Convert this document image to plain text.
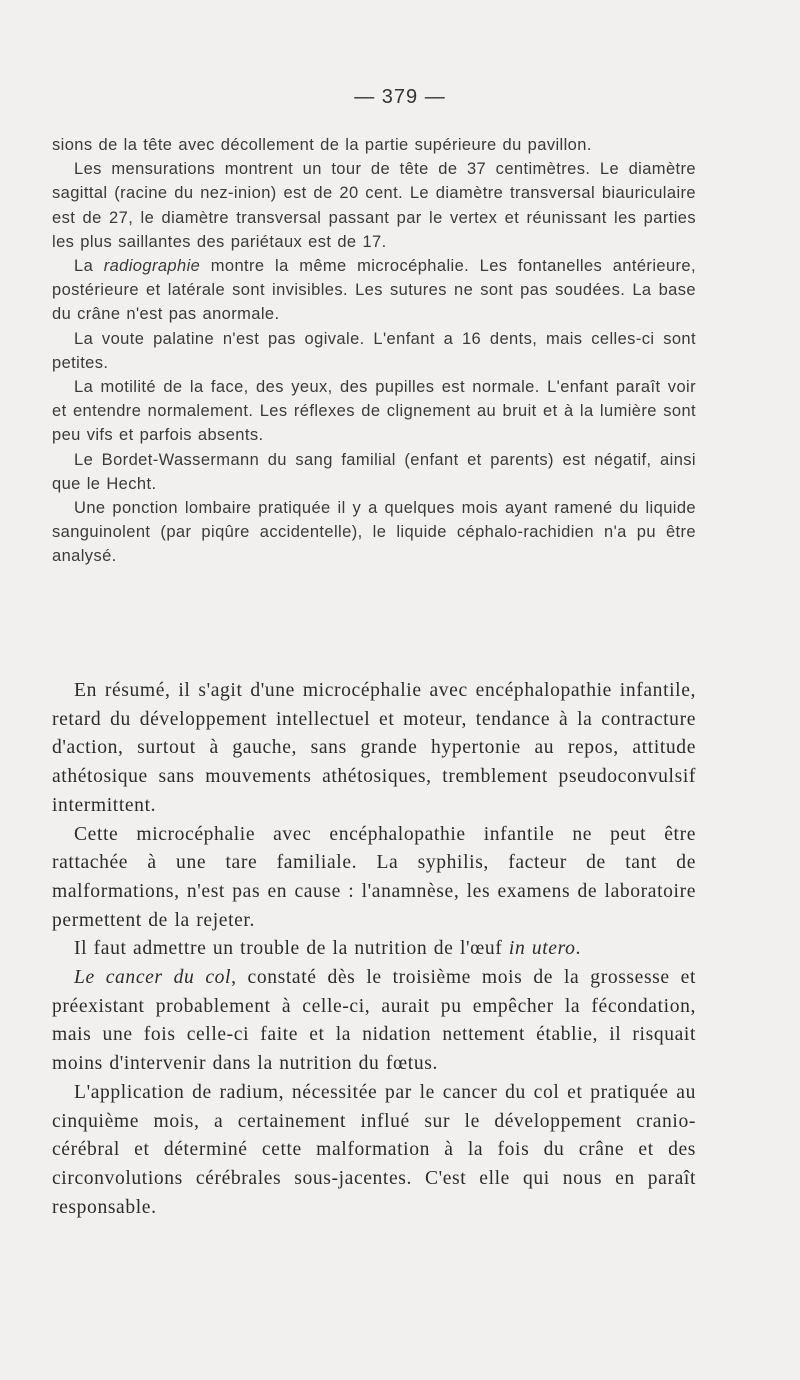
— 379 —

sions de la tête avec décollement de la partie supérieure du pavillon.

Les mensurations montrent un tour de tête de 37 centimètres. Le diamètre sagittal (racine du nez-inion) est de 20 cent. Le diamètre transversal biauriculaire est de 27, le diamètre transversal passant par le vertex et réunissant les parties les plus saillantes des pariétaux est de 17.

La radiographie montre la même microcéphalie. Les fontanelles antérieure, postérieure et latérale sont invisibles. Les sutures ne sont pas soudées. La base du crâne n'est pas anormale.

La voute palatine n'est pas ogivale. L'enfant a 16 dents, mais celles-ci sont petites.

La motilité de la face, des yeux, des pupilles est normale. L'enfant paraît voir et entendre normalement. Les réflexes de clignement au bruit et à la lumière sont peu vifs et parfois absents.

Le Bordet-Wassermann du sang familial (enfant et parents) est négatif, ainsi que le Hecht.

Une ponction lombaire pratiquée il y a quelques mois ayant ramené du liquide sanguinolent (par piqûre accidentelle), le liquide céphalo-rachidien n'a pu être analysé.

En résumé, il s'agit d'une microcéphalie avec encéphalopathie infantile, retard du développement intellectuel et moteur, tendance à la contracture d'action, surtout à gauche, sans grande hypertonie au repos, attitude athétosique sans mouvements athétosiques, tremblement pseudoconvulsif intermittent.

Cette microcéphalie avec encéphalopathie infantile ne peut être rattachée à une tare familiale. La syphilis, facteur de tant de malformations, n'est pas en cause : l'anamnèse, les examens de laboratoire permettent de la rejeter.

Il faut admettre un trouble de la nutrition de l'œuf in utero.

Le cancer du col, constaté dès le troisième mois de la grossesse et préexistant probablement à celle-ci, aurait pu empêcher la fécondation, mais une fois celle-ci faite et la nidation nettement établie, il risquait moins d'intervenir dans la nutrition du fœtus.

L'application de radium, nécessitée par le cancer du col et pratiquée au cinquième mois, a certainement influé sur le développement cranio-cérébral et déterminé cette malformation à la fois du crâne et des circonvolutions cérébrales sous-jacentes. C'est elle qui nous en paraît responsable.
